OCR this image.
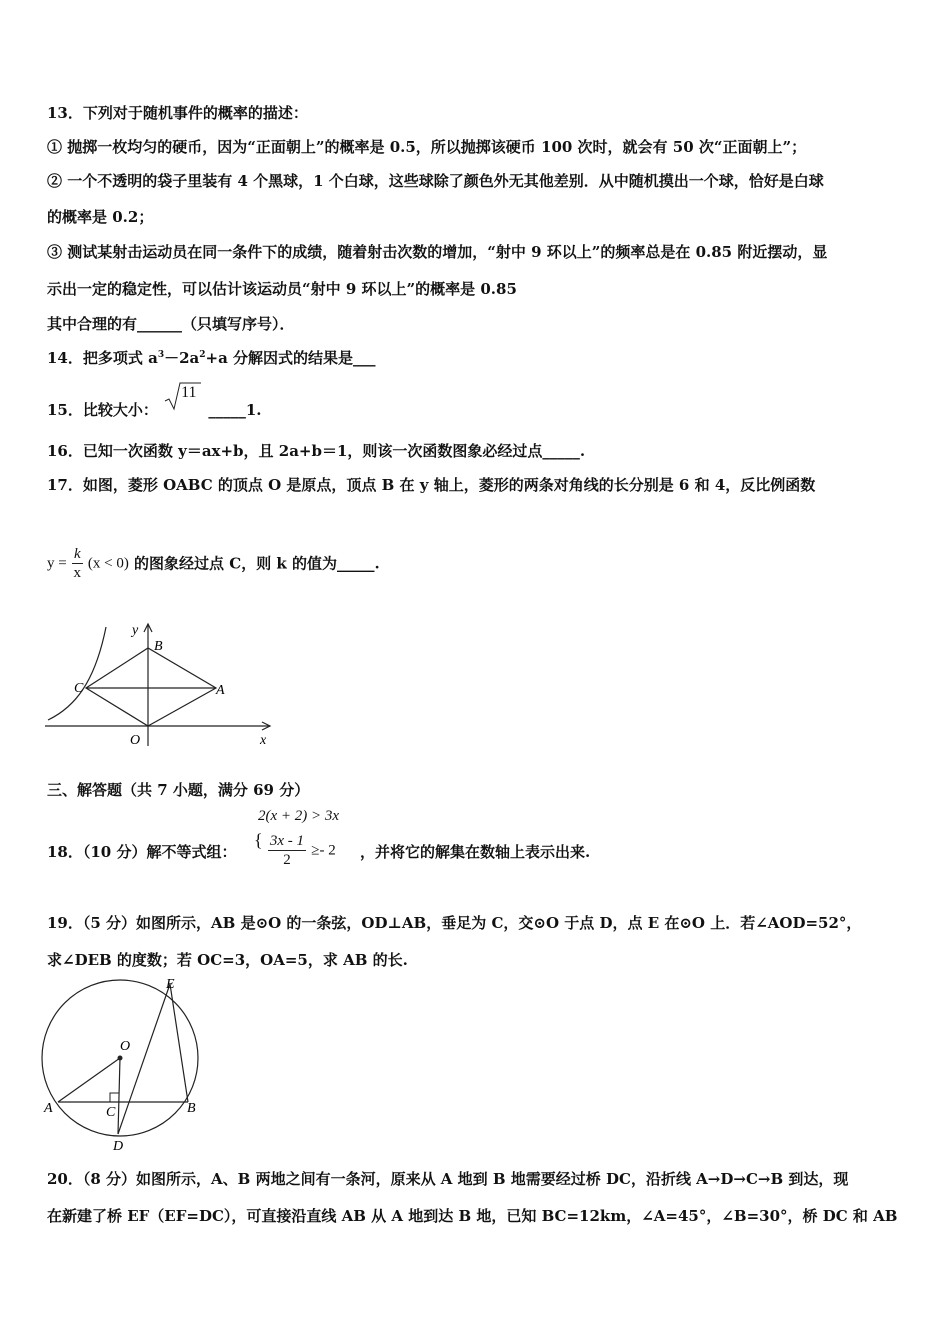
13．下列对于随机事件的概率的描述：
① 抛掷一枚均匀的硬币，因为“正面朝上”的概率是 0.5，所以抛掷该硬币 100 次时，就会有 50 次“正面朝上”；
② 一个不透明的袋子里装有 4 个黑球，1 个白球，这些球除了颜色外无其他差别．从中随机摸出一个球，恰好是白球
的概率是 0.2；
③ 测试某射击运动员在同一条件下的成绩，随着射击次数的增加，“射中 9 环以上”的频率总是在 0.85 附近摆动，显
示出一定的稳定性，可以估计该运动员“射中 9 环以上”的概率是 0.85
其中合理的有______（只填写序号）．
14．把多项式 $a^3-2a^2+a$ 分解因式的结果是___
15．比较大小：
11
_____1.
16．已知一次函数 y＝ax+b，且 2a+b＝1，则该一次函数图象必经过点_____.
17．如图，菱形 OABC 的顶点 O 是原点，顶点 B 在 y 轴上，菱形的两条对角线的长分别是 6 和 4，反比例函数
$y = \frac{k}{x} (x < 0)$ 的图象经过点 C，则 k 的值为_____.
y
B
C	A
O	x
三、解答题（共 7 小题，满分 69 分）
2(x + 2) > 3x
18．（10 分）解不等式组：
{ $\frac{3x - 1}{2} \ge- 2$ ，并将它的解集在数轴上表示出来.
19．（5 分）如图所示，AB 是⊙O 的一条弦，OD⊥AB，垂足为 C，交⊙O 于点 D，点 E 在⊙O 上．若∠AOD=52°，
求∠DEB 的度数；若 OC=3，OA=5，求 AB 的长.
E
O
A	C	B
D
20．（8 分）如图所示，A、B 两地之间有一条河，原来从 A 地到 B 地需要经过桥 DC，沿折线 A→D→C→B 到达，现
在新建了桥 EF（EF=DC），可直接沿直线 AB 从 A 地到达 B 地，已知 BC=12km，∠A=45°，∠B=30°，桥 DC 和 AB
